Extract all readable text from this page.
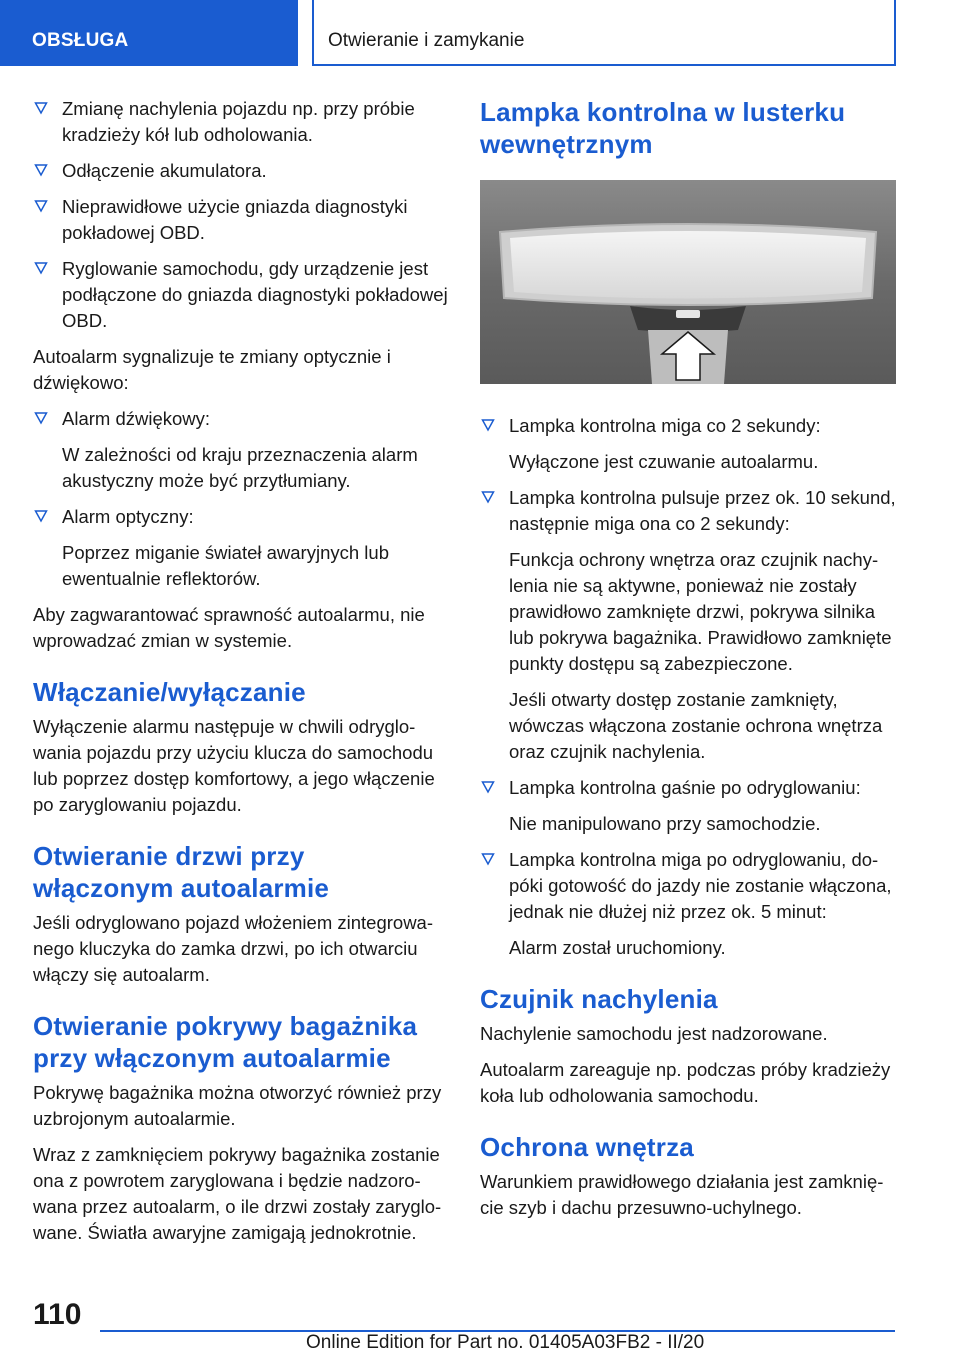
OBSŁUGA	Otwieranie i zamykanie
Zmianę nachylenia pojazdu np. przy próbie kradzieży kół lub odholowania.
Odłączenie akumulatora.
Nieprawidłowe użycie gniazda diagnostyki pokładowej OBD.
Ryglowanie samochodu, gdy urządzenie jest podłączone do gniazda diagnostyki pokładowej OBD.
Autoalarm sygnalizuje te zmiany optycznie i dźwiękowo:
Alarm dźwiękowy:
W zależności od kraju przeznaczenia alarm akustyczny może być przytłumiany.
Alarm optyczny:
Poprzez miganie świateł awaryjnych lub ewentualnie reflektorów.
Aby zagwarantować sprawność autoalarmu, nie wprowadzać zmian w systemie.
Włączanie/wyłączanie
Wyłączenie alarmu następuje w chwili odryglowania pojazdu przy użyciu klucza do samochodu lub poprzez dostęp komfortowy, a jego włączenie po zaryglowaniu pojazdu.
Otwieranie drzwi przy włączonym autoalarmie
Jeśli odryglowano pojazd włożeniem zintegrowanego kluczyka do zamka drzwi, po ich otwarciu włączy się autoalarm.
Otwieranie pokrywy bagażnika przy włączonym autoalarmie
Pokrywę bagażnika można otworzyć również przy uzbrojonym autoalarmie.
Wraz z zamknięciem pokrywy bagażnika zostanie ona z powrotem zaryglowana i będzie nadzorowana przez autoalarm, o ile drzwi zostały zaryglowane. Światła awaryjne zamigają jednokrotnie.
Lampka kontrolna w lusterku wewnętrznym
Lampka kontrolna miga co 2 sekundy:
Wyłączone jest czuwanie autoalarmu.
Lampka kontrolna pulsuje przez ok. 10 sekund, następnie miga ona co 2 sekundy:
Funkcja ochrony wnętrza oraz czujnik nachylenia nie są aktywne, ponieważ nie zostały prawidłowo zamknięte drzwi, pokrywa silnika lub pokrywa bagażnika. Prawidłowo zamknięte punkty dostępu są zabezpieczone.
Jeśli otwarty dostęp zostanie zamknięty, wówczas włączona zostanie ochrona wnętrza oraz czujnik nachylenia.
Lampka kontrolna gaśnie po odryglowaniu:
Nie manipulowano przy samochodzie.
Lampka kontrolna miga po odryglowaniu, dopóki gotowość do jazdy nie zostanie włączona, jednak nie dłużej niż przez ok. 5 minut:
Alarm został uruchomiony.
Czujnik nachylenia
Nachylenie samochodu jest nadzorowane.
Autoalarm zareaguje np. podczas próby kradzieży koła lub odholowania samochodu.
Ochrona wnętrza
Warunkiem prawidłowego działania jest zamknięcie szyb i dachu przesuwno-uchylnego.
110
Online Edition for Part no. 01405A03FB2 - II/20
